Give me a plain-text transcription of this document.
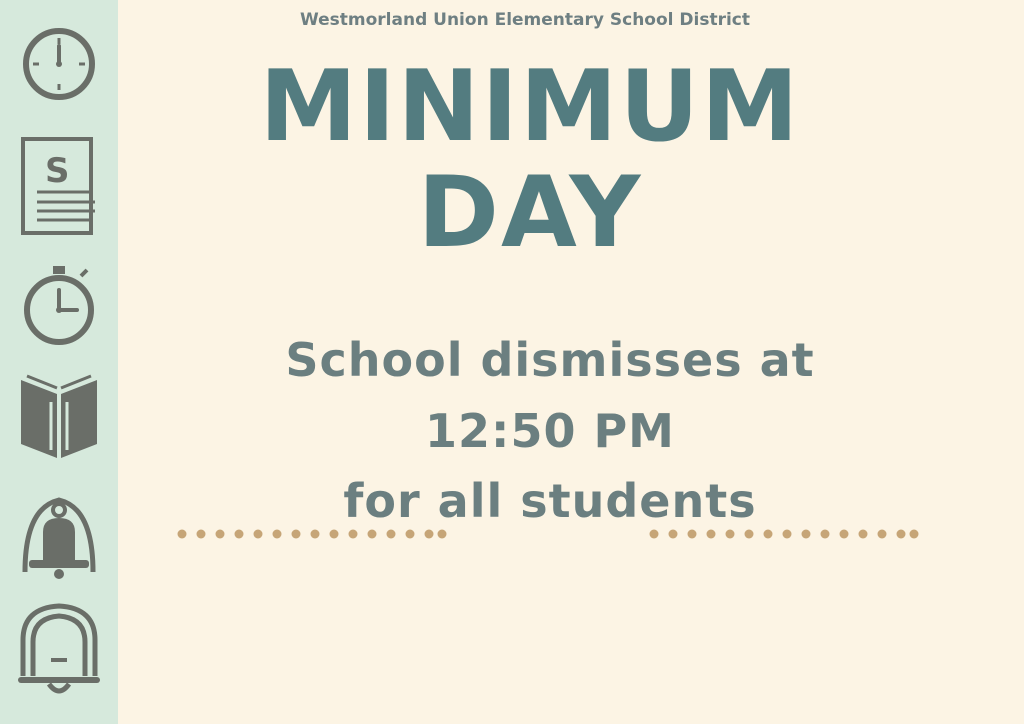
S
Westmorland Union Elementary School District
MINIMUM
DAY
School dismisses at
12:50 PM
for all students
